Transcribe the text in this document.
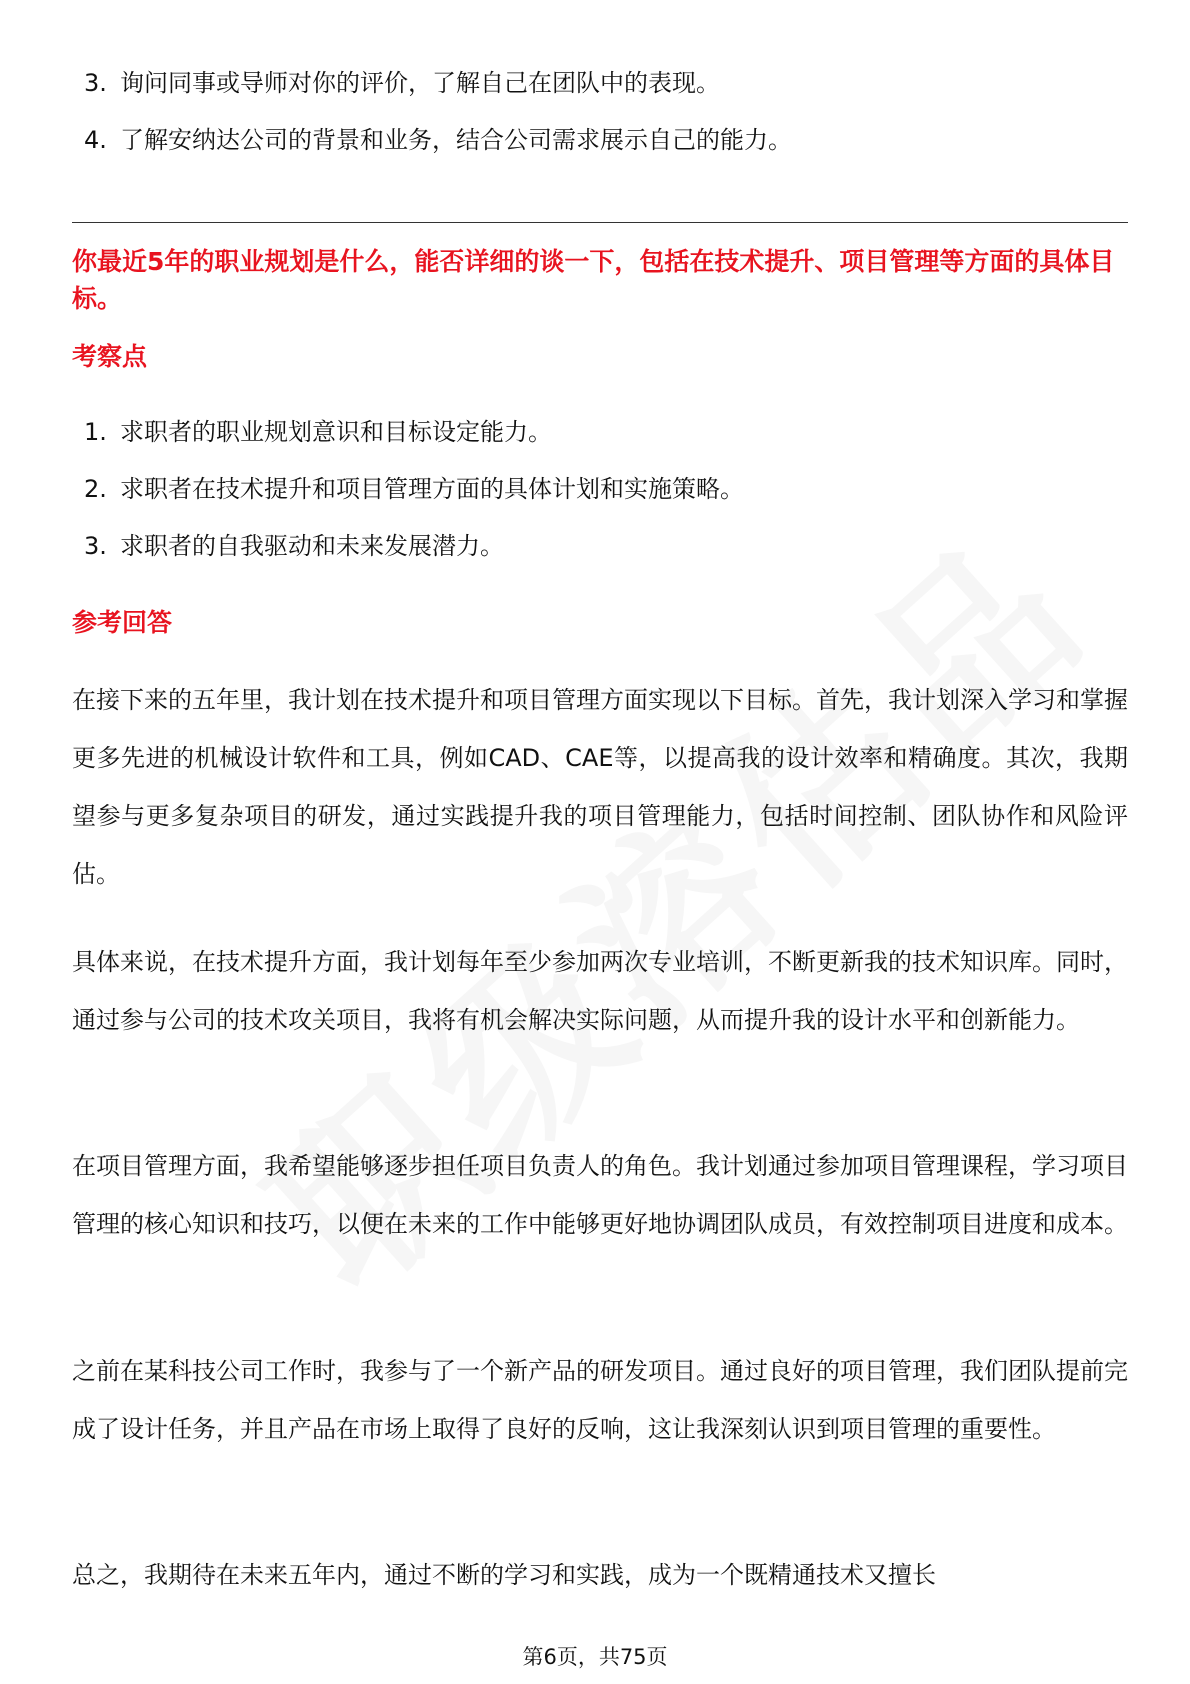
3. 询问同事或导师对你的评价，了解自己在团队中的表现。
4. 了解安纳达公司的背景和业务，结合公司需求展示自己的能力。
你最近5年的职业规划是什么，能否详细的谈一下，包括在技术提升、项目管理等方面的具体目标。
考察点
1. 求职者的职业规划意识和目标设定能力。
2. 求职者在技术提升和项目管理方面的具体计划和实施策略。
3. 求职者的自我驱动和未来发展潜力。
参考回答

在接下来的五年里，我计划在技术提升和项目管理方面实现以下目标。首先，我计划深入学习和掌握更多先进的机械设计软件和工具，例如CAD、CAE等，以提高我的设计效率和精确度。其次，我期望参与更多复杂项目的研发，通过实践提升我的项目管理能力，包括时间控制、团队协作和风险评估。

具体来说，在技术提升方面，我计划每年至少参加两次专业培训，不断更新我的技术知识库。同时，通过参与公司的技术攻关项目，我将有机会解决实际问题，从而提升我的设计水平和创新能力。

在项目管理方面，我希望能够逐步担任项目负责人的角色。我计划通过参加项目管理课程，学习项目管理的核心知识和技巧，以便在未来的工作中能够更好地协调团队成员，有效控制项目进度和成本。

之前在某科技公司工作时，我参与了一个新产品的研发项目。通过良好的项目管理，我们团队提前完成了设计任务，并且产品在市场上取得了良好的反响，这让我深刻认识到项目管理的重要性。

总之，我期待在未来五年内，通过不断的学习和实践，成为一个既精通技术又擅长

第6页，共75页
